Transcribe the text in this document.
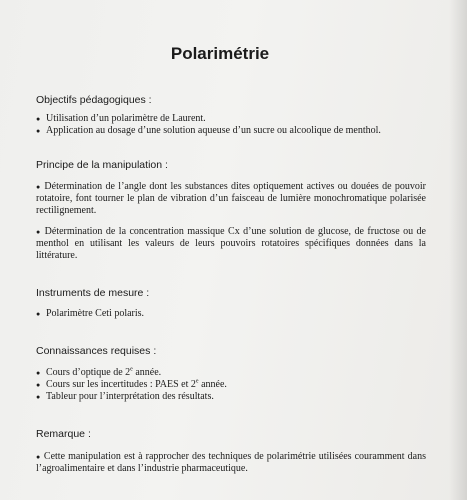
Polarimétrie
Objectifs pédagogiques :
● Utilisation d’un polarimètre de Laurent.
● Application au dosage d’une solution aqueuse d’un sucre ou alcoolique de menthol.
Principe de la manipulation :
● Détermination de l’angle dont les substances dites optiquement actives ou douées de pouvoir rotatoire, font tourner le plan de vibration d’un faisceau de lumière monochromatique polarisée rectilignement.
● Détermination de la concentration massique Cx d’une solution de glucose, de fructose ou de menthol en utilisant les valeurs de leurs pouvoirs rotatoires spécifiques données dans la littérature.
Instruments de mesure :
● Polarimètre Ceti polaris.
Connaissances requises :
● Cours d’optique de 2e année.
● Cours sur les incertitudes : PAES et 2e année.
● Tableur pour l’interprétation des résultats.
Remarque :
● Cette manipulation est à rapprocher des techniques de polarimétrie utilisées couramment dans l’agroalimentaire et dans l’industrie pharmaceutique.
